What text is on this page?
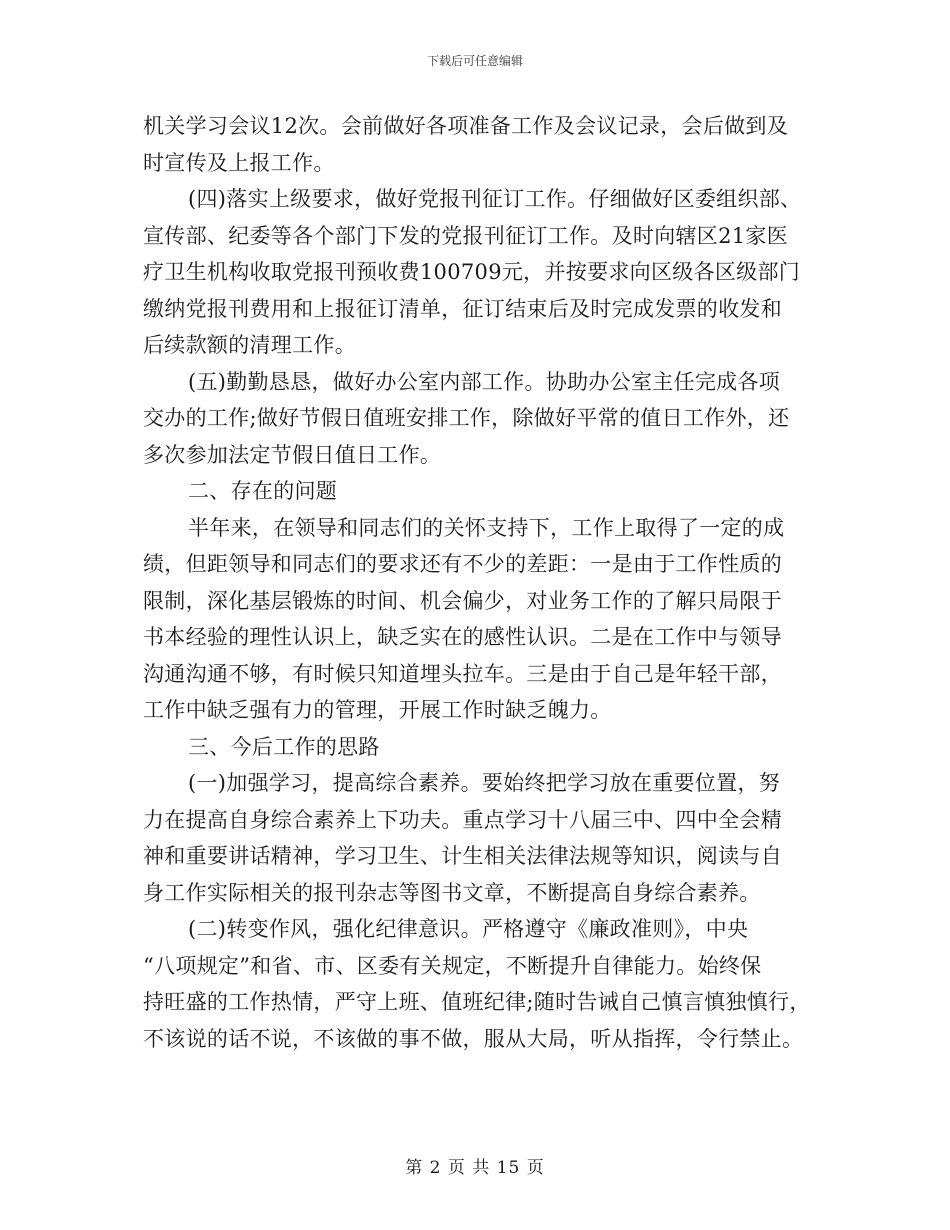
下载后可任意编辑
机关学习会议12次。会前做好各项准备工作及会议记录，会后做到及
时宣传及上报工作。
(四)落实上级要求，做好党报刊征订工作。仔细做好区委组织部、
宣传部、纪委等各个部门下发的党报刊征订工作。及时向辖区21家医
疗卫生机构收取党报刊预收费100709元，并按要求向区级各区级部门
缴纳党报刊费用和上报征订清单，征订结束后及时完成发票的收发和
后续款额的清理工作。
(五)勤勤恳恳，做好办公室内部工作。协助办公室主任完成各项
交办的工作;做好节假日值班安排工作，除做好平常的值日工作外，还
多次参加法定节假日值日工作。
二、存在的问题
半年来，在领导和同志们的关怀支持下，工作上取得了一定的成
绩，但距领导和同志们的要求还有不少的差距：一是由于工作性质的
限制，深化基层锻炼的时间、机会偏少，对业务工作的了解只局限于
书本经验的理性认识上，缺乏实在的感性认识。二是在工作中与领导
沟通沟通不够，有时候只知道埋头拉车。三是由于自己是年轻干部，
工作中缺乏强有力的管理，开展工作时缺乏魄力。
三、今后工作的思路
(一)加强学习，提高综合素养。要始终把学习放在重要位置，努
力在提高自身综合素养上下功夫。重点学习十八届三中、四中全会精
神和重要讲话精神，学习卫生、计生相关法律法规等知识，阅读与自
身工作实际相关的报刊杂志等图书文章，不断提高自身综合素养。
(二)转变作风，强化纪律意识。严格遵守《廉政准则》，中央
“八项规定”和省、市、区委有关规定，不断提升自律能力。始终保
持旺盛的工作热情，严守上班、值班纪律;随时告诫自己慎言慎独慎行，
不该说的话不说，不该做的事不做，服从大局，听从指挥，令行禁止。
第 2 页 共 15 页
